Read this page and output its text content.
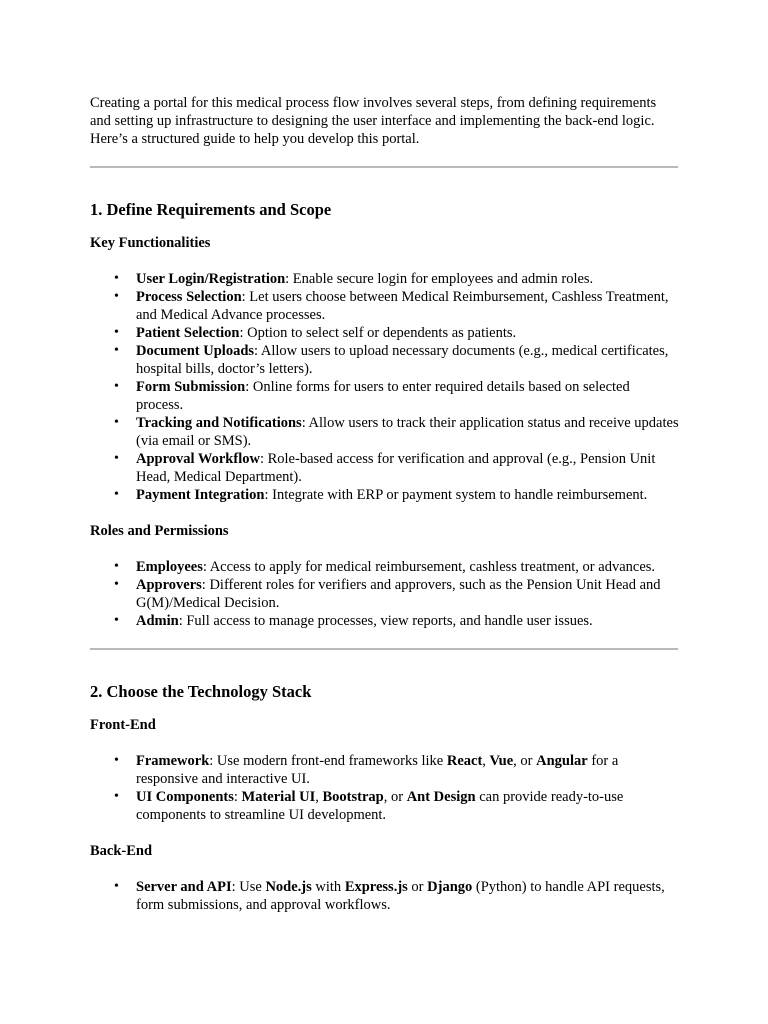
Creating a portal for this medical process flow involves several steps, from defining requirements and setting up infrastructure to designing the user interface and implementing the back-end logic. Here’s a structured guide to help you develop this portal.

1. Define Requirements and Scope
Key Functionalities
• User Login/Registration: Enable secure login for employees and admin roles.
• Process Selection: Let users choose between Medical Reimbursement, Cashless Treatment, and Medical Advance processes.
• Patient Selection: Option to select self or dependents as patients.
• Document Uploads: Allow users to upload necessary documents (e.g., medical certificates, hospital bills, doctor’s letters).
• Form Submission: Online forms for users to enter required details based on selected process.
• Tracking and Notifications: Allow users to track their application status and receive updates (via email or SMS).
• Approval Workflow: Role-based access for verification and approval (e.g., Pension Unit Head, Medical Department).
• Payment Integration: Integrate with ERP or payment system to handle reimbursement.
Roles and Permissions
• Employees: Access to apply for medical reimbursement, cashless treatment, or advances.
• Approvers: Different roles for verifiers and approvers, such as the Pension Unit Head and G(M)/Medical Decision.
• Admin: Full access to manage processes, view reports, and handle user issues.
2. Choose the Technology Stack
Front-End
• Framework: Use modern front-end frameworks like React, Vue, or Angular for a responsive and interactive UI.
• UI Components: Material UI, Bootstrap, or Ant Design can provide ready-to-use components to streamline UI development.
Back-End
• Server and API: Use Node.js with Express.js or Django (Python) to handle API requests, form submissions, and approval workflows.
